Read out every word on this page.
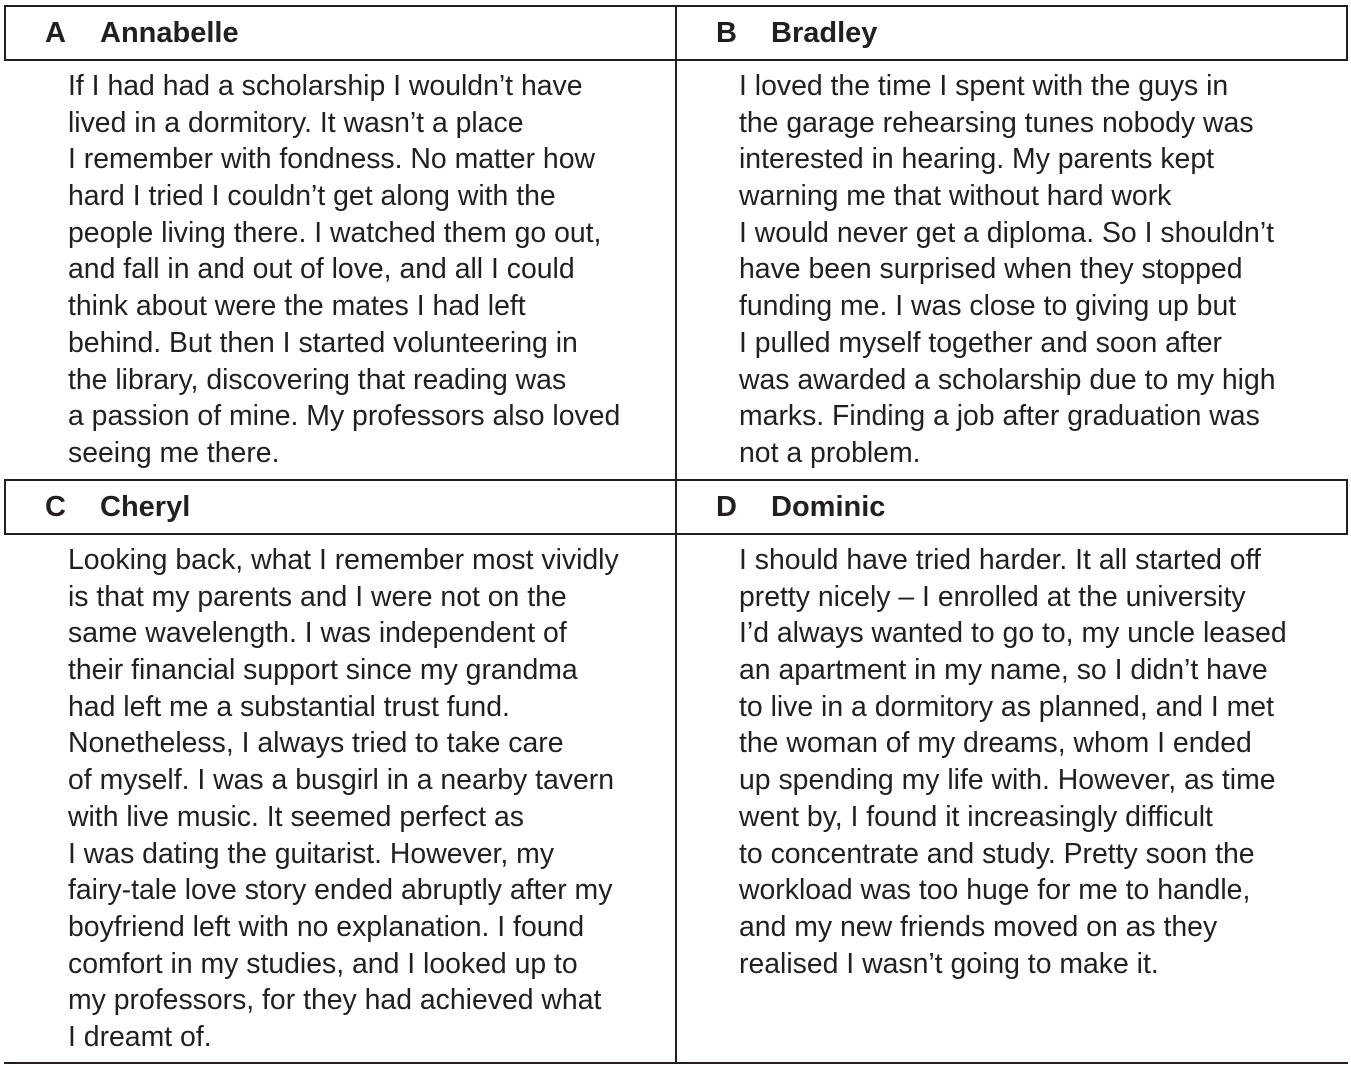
A Annabelle
If I had had a scholarship I wouldn’t have
lived in a dormitory. It wasn’t a place
I remember with fondness. No matter how
hard I tried I couldn’t get along with the
people living there. I watched them go out,
and fall in and out of love, and all I could
think about were the mates I had left
behind. But then I started volunteering in
the library, discovering that reading was
a passion of mine. My professors also loved
seeing me there.
B Bradley
I loved the time I spent with the guys in
the garage rehearsing tunes nobody was
interested in hearing. My parents kept
warning me that without hard work
I would never get a diploma. So I shouldn’t
have been surprised when they stopped
funding me. I was close to giving up but
I pulled myself together and soon after
was awarded a scholarship due to my high
marks. Finding a job after graduation was
not a problem.
C Cheryl
Looking back, what I remember most vividly
is that my parents and I were not on the
same wavelength. I was independent of
their financial support since my grandma
had left me a substantial trust fund.
Nonetheless, I always tried to take care
of myself. I was a busgirl in a nearby tavern
with live music. It seemed perfect as
I was dating the guitarist. However, my
fairy-tale love story ended abruptly after my
boyfriend left with no explanation. I found
comfort in my studies, and I looked up to
my professors, for they had achieved what
I dreamt of.
D Dominic
I should have tried harder. It all started off
pretty nicely – I enrolled at the university
I’d always wanted to go to, my uncle leased
an apartment in my name, so I didn’t have
to live in a dormitory as planned, and I met
the woman of my dreams, whom I ended
up spending my life with. However, as time
went by, I found it increasingly difficult
to concentrate and study. Pretty soon the
workload was too huge for me to handle,
and my new friends moved on as they
realised I wasn’t going to make it.
